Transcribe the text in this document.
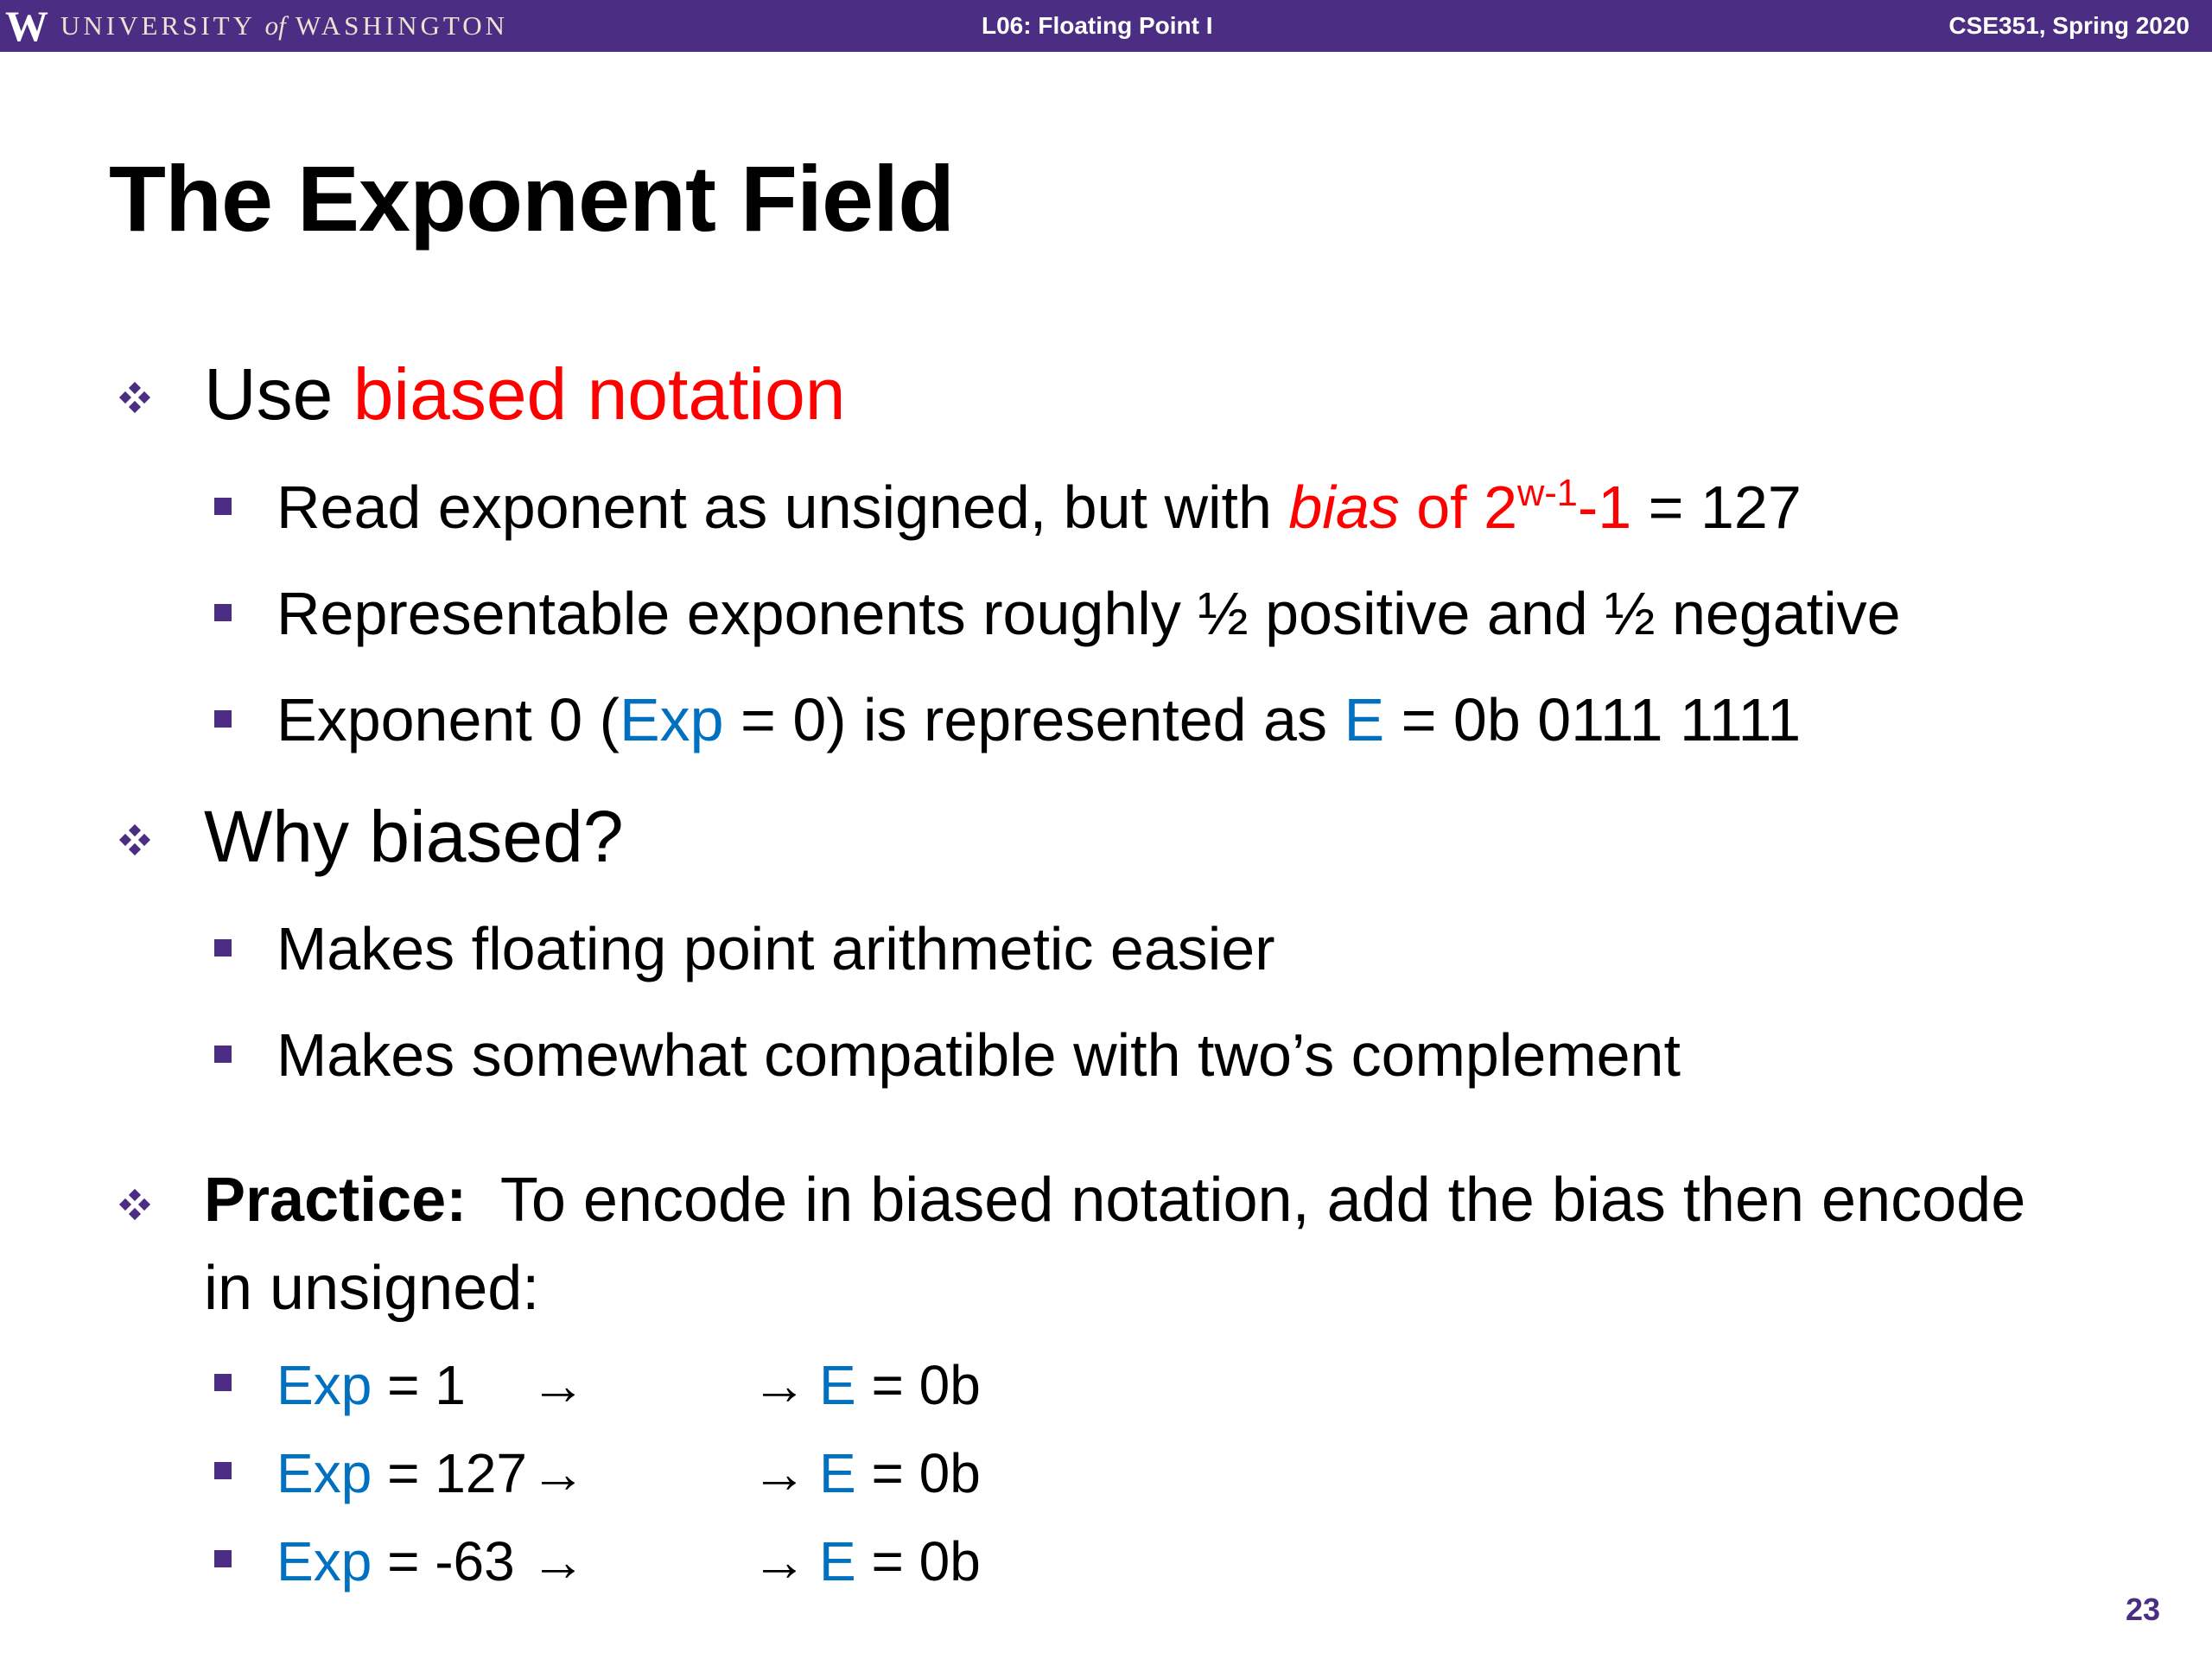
W UNIVERSITY of WASHINGTON	L06: Floating Point I	CSE351, Spring 2020
The Exponent Field
Use biased notation
Read exponent as unsigned, but with bias of $2^{w-1}-1 = 127$
Representable exponents roughly ½ positive and ½ negative
Exponent 0 (Exp = 0) is represented as E = 0b 0111 1111
Why biased?
Makes floating point arithmetic easier
Makes somewhat compatible with two’s complement
Practice:  To encode in biased notation, add the bias then encode in unsigned:
Exp = 1 →	→ E = 0b
Exp = 127 →	→ E = 0b
Exp = -63 →	→ E = 0b
23
